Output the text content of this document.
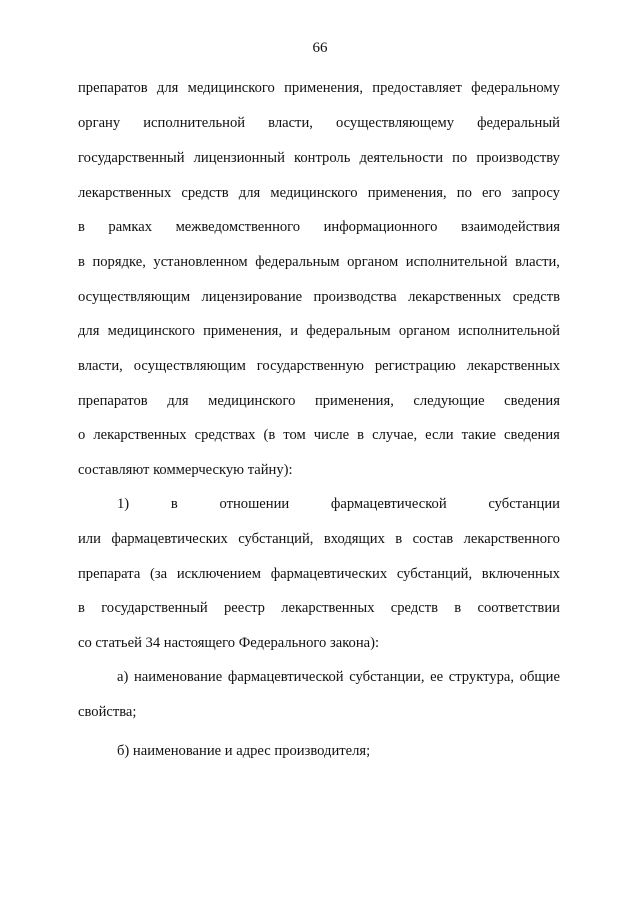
66
препаратов для медицинского применения, предоставляет федеральному
органу исполнительной власти, осуществляющему федеральный
государственный лицензионный контроль деятельности по производству
лекарственных средств для медицинского применения, по его запросу
в рамках межведомственного информационного взаимодействия
в порядке, установленном федеральным органом исполнительной власти,
осуществляющим лицензирование производства лекарственных средств
для медицинского применения, и федеральным органом исполнительной
власти, осуществляющим государственную регистрацию лекарственных
препаратов для медицинского применения, следующие сведения
о лекарственных средствах (в том числе в случае, если такие сведения
составляют коммерческую тайну):
1)	в	отношении	фармацевтической	субстанции
или фармацевтических субстанций, входящих в состав лекарственного
препарата (за исключением фармацевтических субстанций, включенных
в государственный реестр лекарственных средств в соответствии
со статьей 34 настоящего Федерального закона):
а) наименование фармацевтической субстанции, ее структура, общие
свойства;
б) наименование и адрес производителя;
